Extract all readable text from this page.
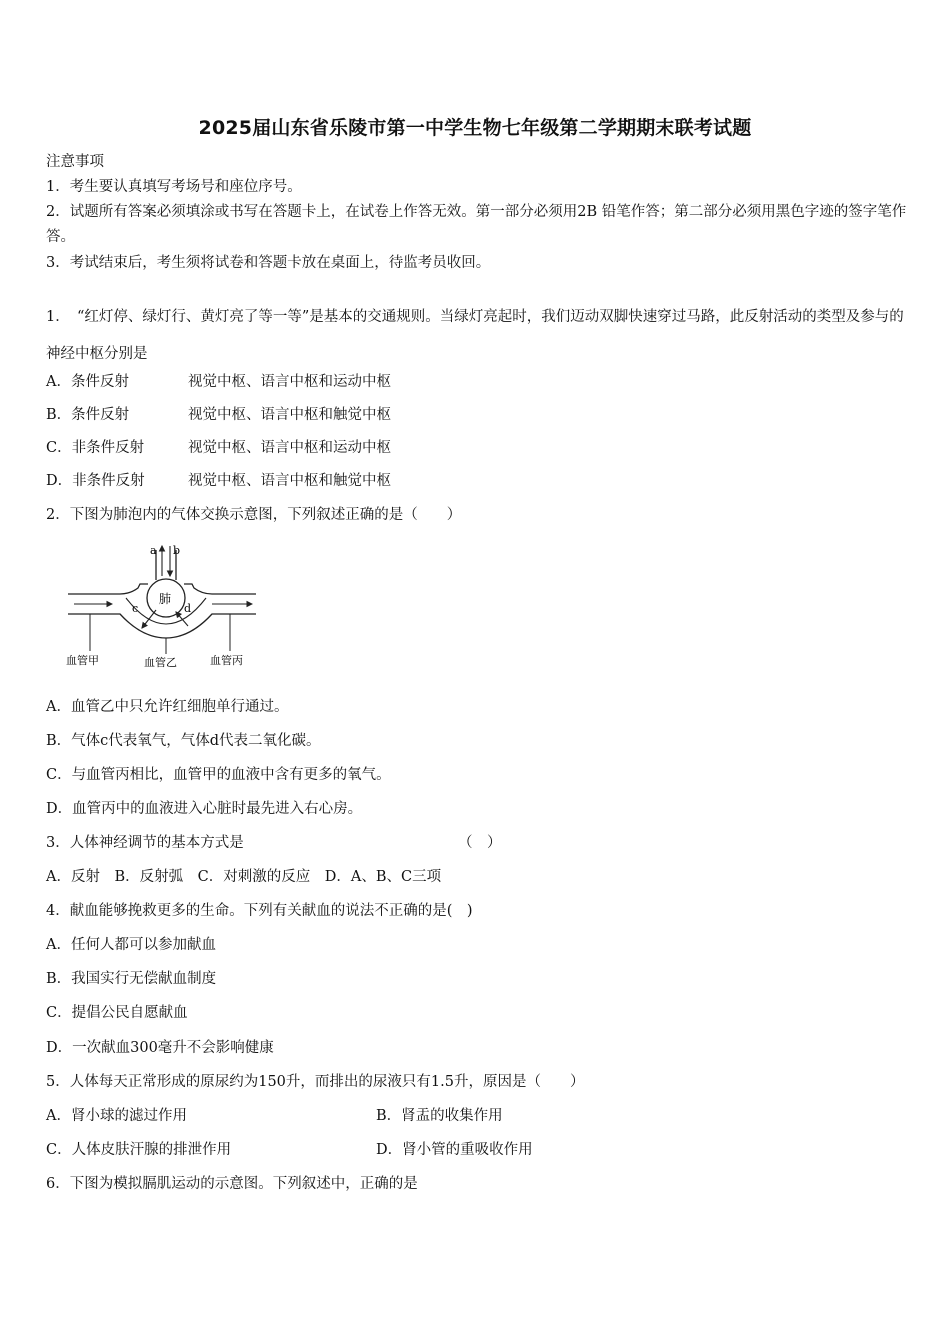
2025届山东省乐陵市第一中学生物七年级第二学期期末联考试题
注意事项
1．考生要认真填写考场号和座位序号。
2．试题所有答案必须填涂或书写在答题卡上，在试卷上作答无效。第一部分必须用2B 铅笔作答；第二部分必须用黑色字迹的签字笔作答。
3．考试结束后，考生须将试卷和答题卡放在桌面上，待监考员收回。
1．　“红灯停、绿灯行、黄灯亮了等一等”是基本的交通规则。当绿灯亮起时，我们迈动双脚快速穿过马路，此反射活动的类型及参与的神经中枢分别是
A．条件反射	视觉中枢、语言中枢和运动中枢
B．条件反射	视觉中枢、语言中枢和触觉中枢
C．非条件反射	视觉中枢、语言中枢和运动中枢
D．非条件反射	视觉中枢、语言中枢和触觉中枢
2．下图为肺泡内的气体交换示意图，下列叙述正确的是（　　）
a b
肺
c	d
血管甲	血管乙	血管丙
A．血管乙中只允许红细胞单行通过。
B．气体c代表氧气，气体d代表二氧化碳。
C．与血管丙相比，血管甲的血液中含有更多的氧气。
D．血管丙中的血液进入心脏时最先进入右心房。
3．人体神经调节的基本方式是	（　）
A．反射　B．反射弧　C．对刺激的反应　D．A、B、C三项
4．献血能够挽救更多的生命。下列有关献血的说法不正确的是(　)
A．任何人都可以参加献血
B．我国实行无偿献血制度
C．提倡公民自愿献血
D．一次献血300毫升不会影响健康
5．人体每天正常形成的原尿约为150升，而排出的尿液只有1.5升，原因是（　　）
A．肾小球的滤过作用	B．肾盂的收集作用
C．人体皮肤汗腺的排泄作用	D．肾小管的重吸收作用
6．下图为模拟膈肌运动的示意图。下列叙述中，正确的是
